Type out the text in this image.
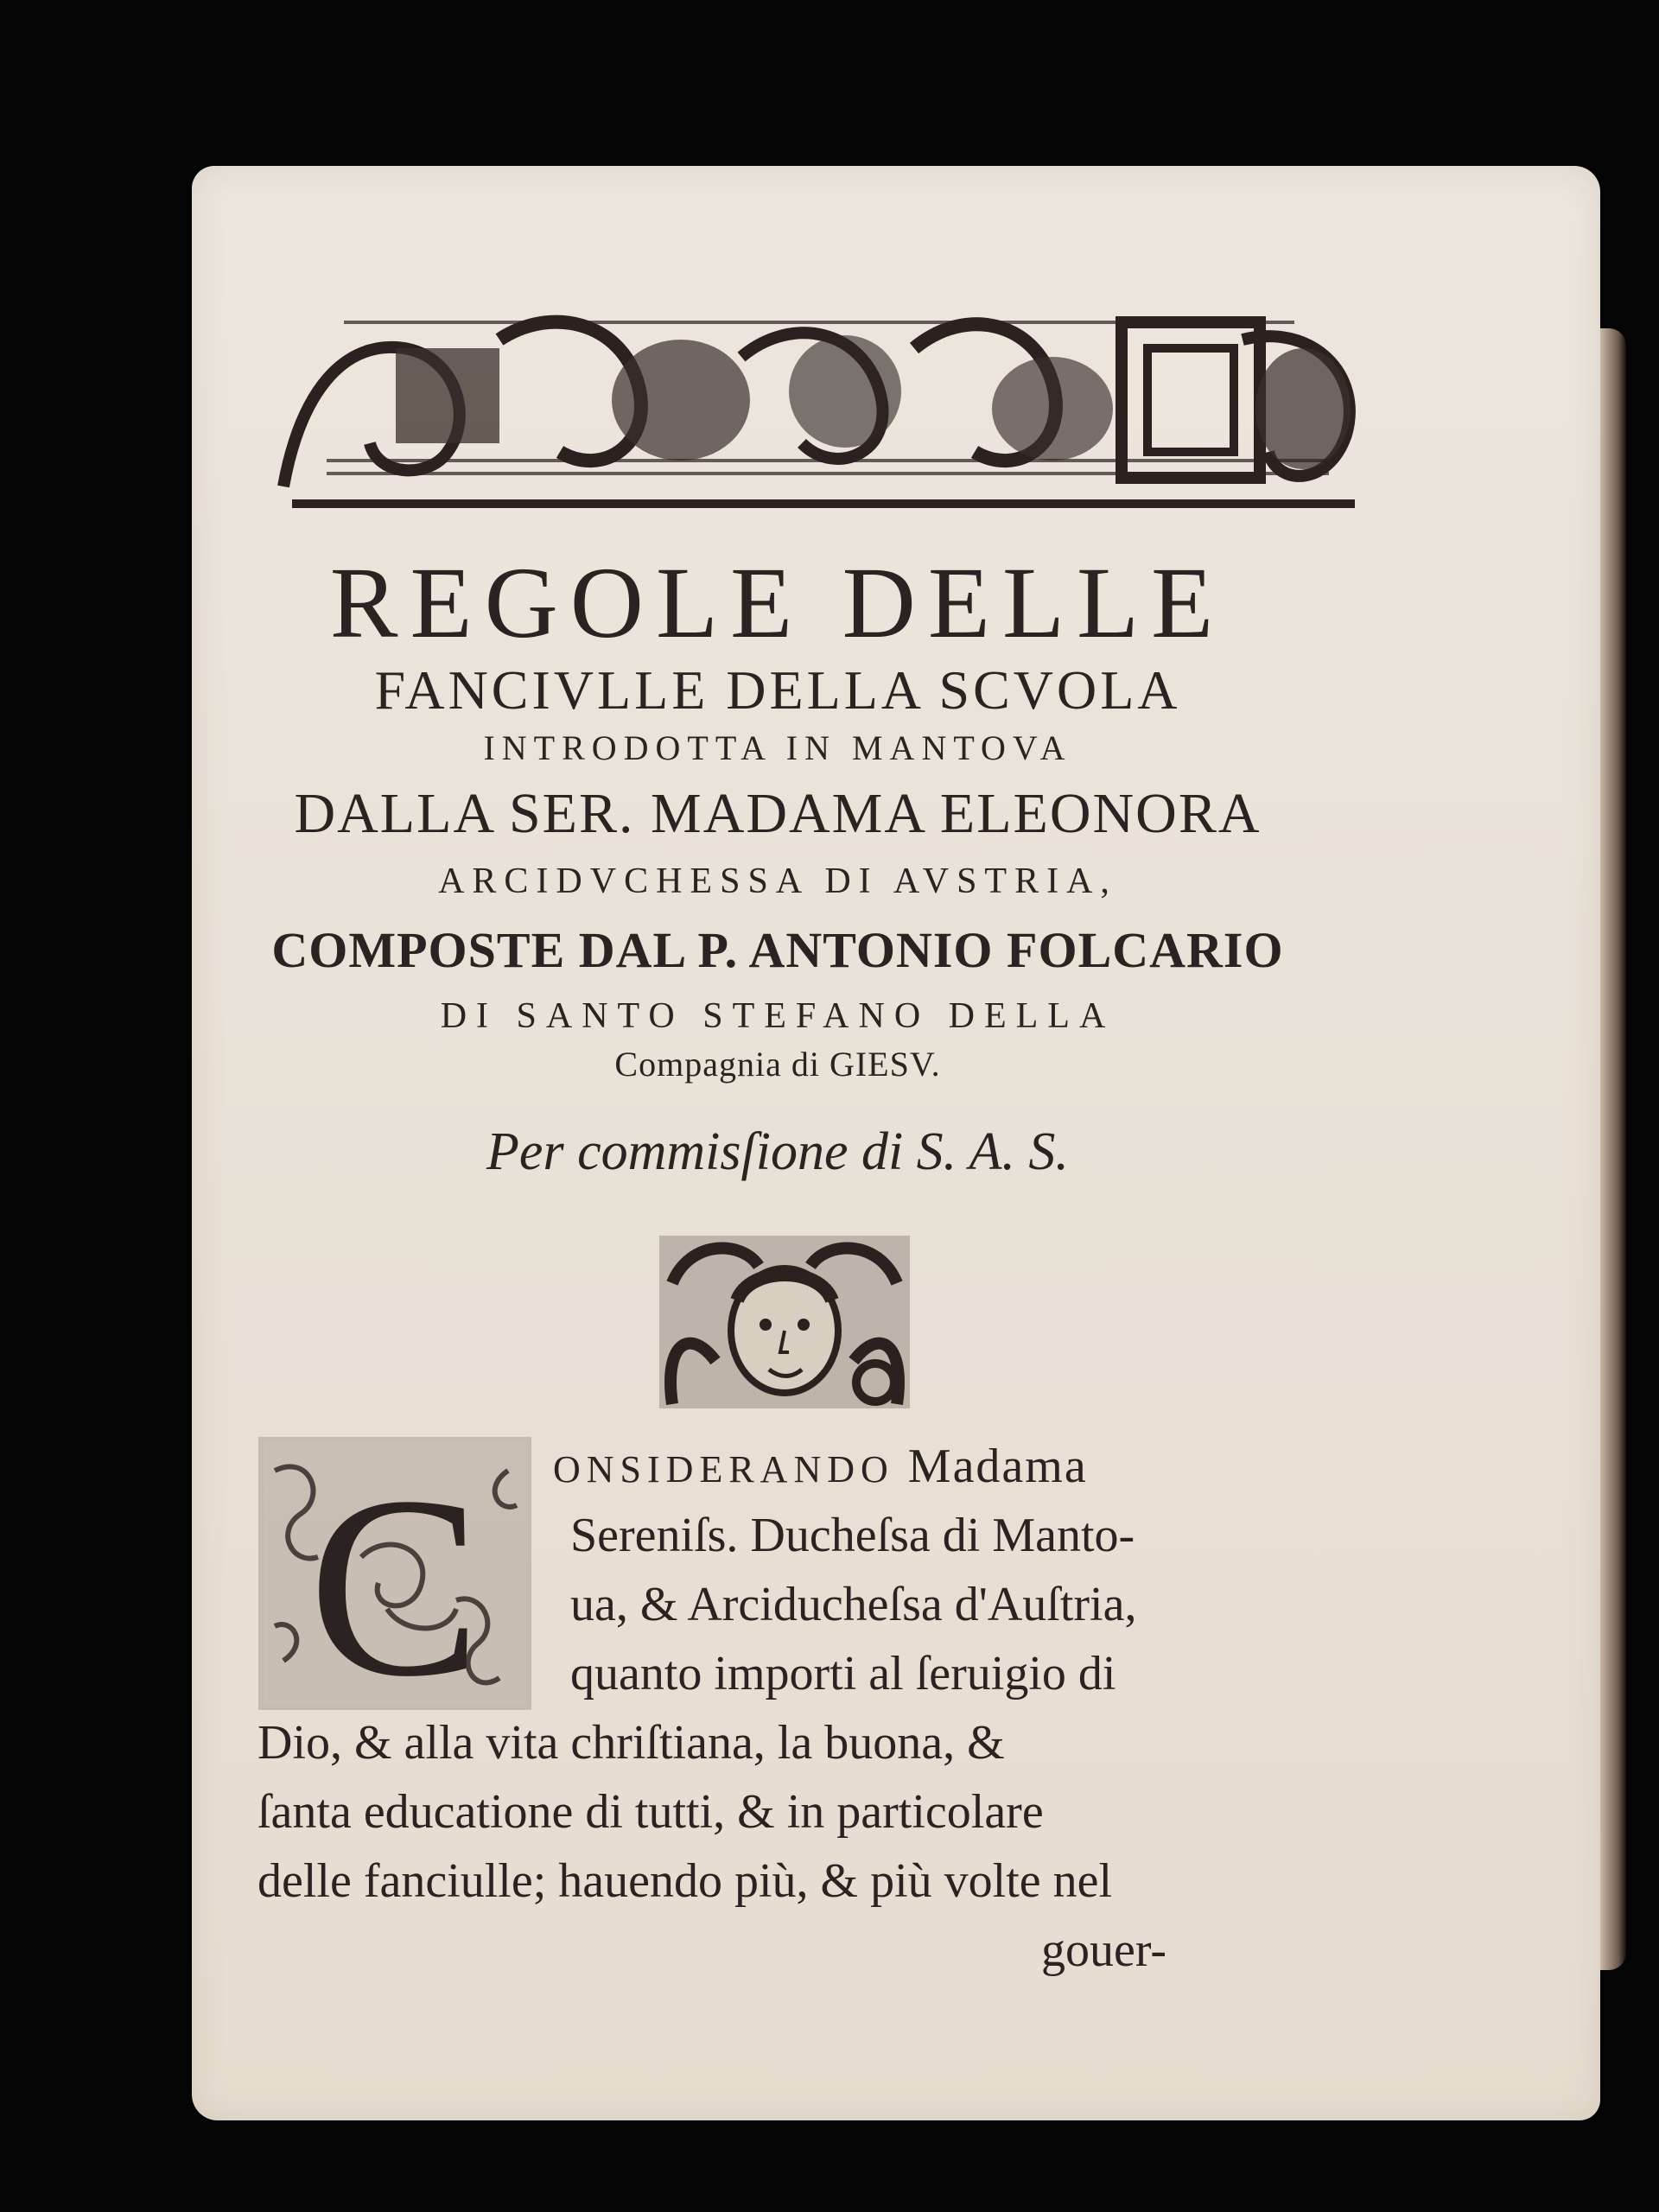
REGOLE DELLE
FANCIVLLE DELLA SCVOLA
INTRODOTTA IN MANTOVA
DALLA SER. MADAMA ELEONORA
ARCIDVCHESSA DI AVSTRIA,
COMPOSTE DAL P. ANTONIO FOLCARIO
DI SANTO STEFANO DELLA
Compagnia di GIESV.
Per commisſione di S. A. S.
C ONSIDERANDO Madama
Sereniſs. Ducheſsa di Manto-
ua, & Arciducheſsa d'Auſtria,
quanto importi al ſeruigio di
Dio, & alla vita chriſtiana, la buona, &
ſanta educatione di tutti, & in particolare
delle fanciulle; hauendo più, & più volte nel
gouer-
